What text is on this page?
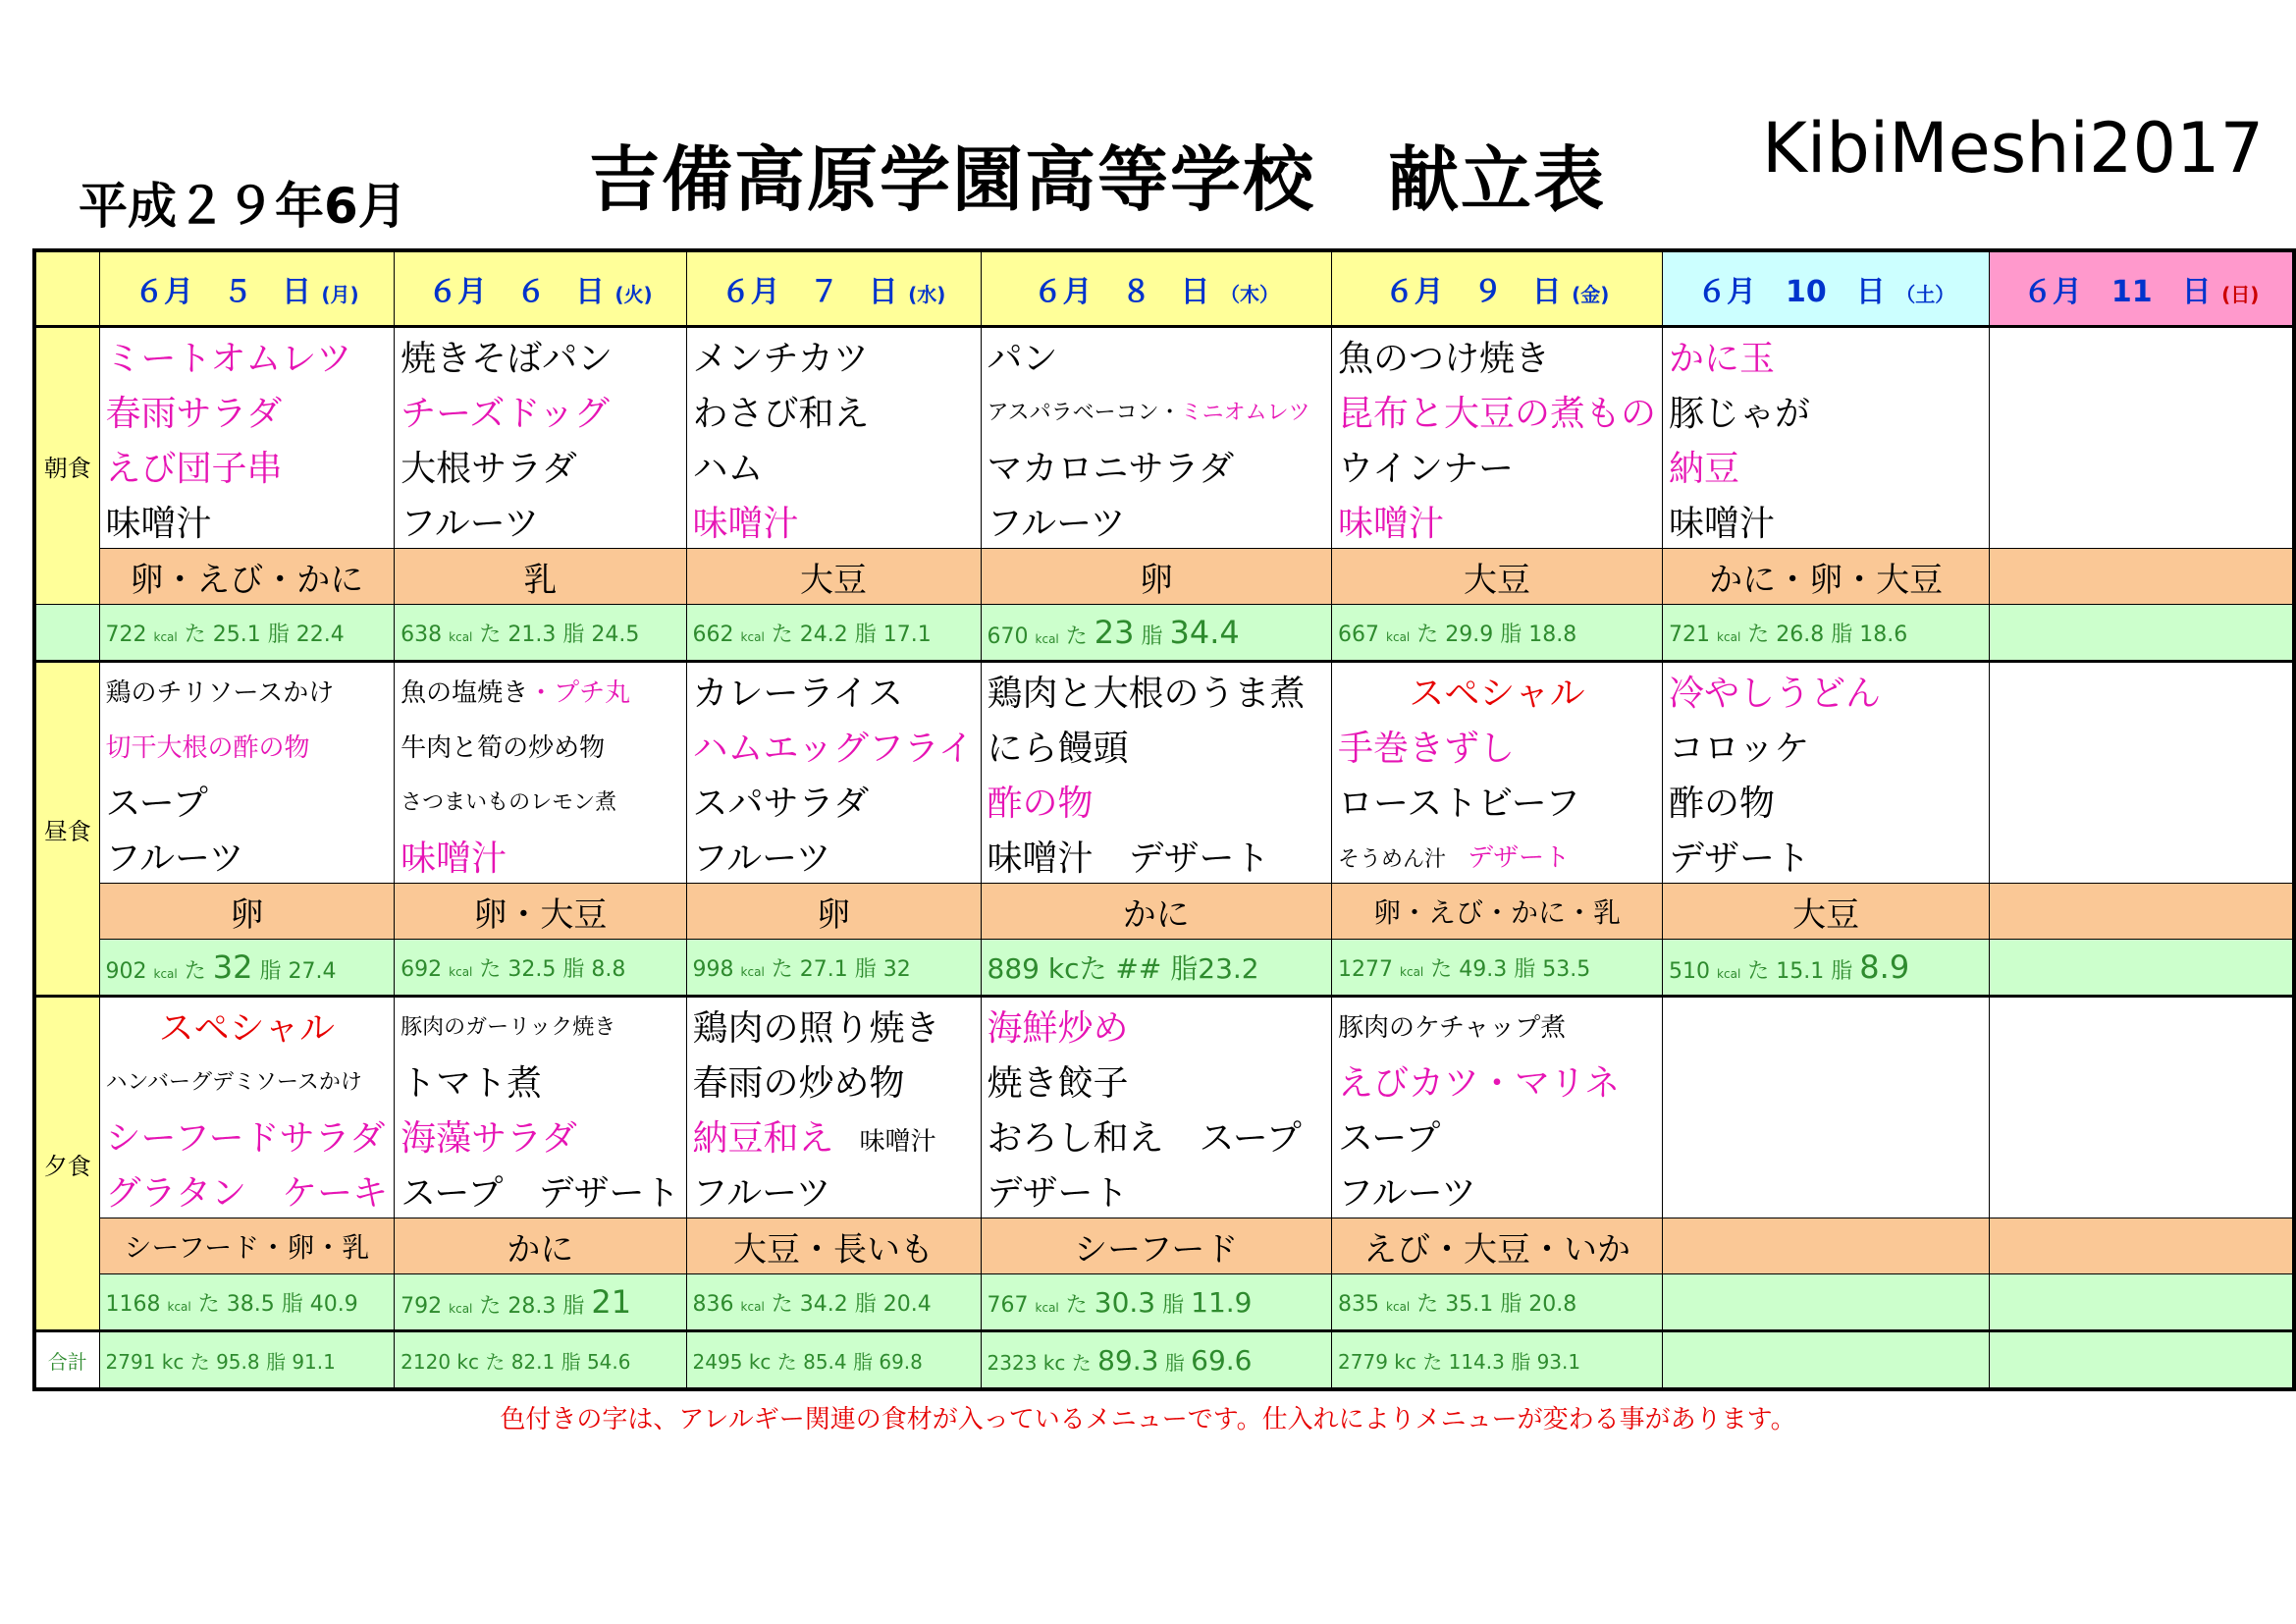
平成２９年6月	吉備高原学園高等学校　献立表 KibiMeshi2017
	６月　５　日 (月)	６月　６　日 (火)	６月　７　日 (水)	６月　８　日 （木）	６月　９　日 (金)	６月　10　日 （土）	６月　11　日 (日)
朝食	ミートオムレツ	焼きそばパン	メンチカツ	パン	魚のつけ焼き	かに玉	
	春雨サラダ	チーズドッグ	わさび和え	アスパラベーコン・ミニオムレツ	昆布と大豆の煮もの	豚じゃが	
	えび団子串	大根サラダ	ハム	マカロニサラダ	ウインナー	納豆	
	味噌汁	フルーツ	味噌汁	フルーツ	味噌汁	味噌汁	
	卵・えび・かに	乳	大豆	卵	大豆	かに・卵・大豆	
	722 kcal た 25.1 脂 22.4	638 kcal た 21.3 脂 24.5	662 kcal た 24.2 脂 17.1	670 kcal た 23 脂 34.4	667 kcal た 29.9 脂 18.8	721 kcal た 26.8 脂 18.6	
昼食	鶏のチリソースかけ	魚の塩焼き・プチ丸	カレーライス	鶏肉と大根のうま煮	スペシャル	冷やしうどん	
	切干大根の酢の物	牛肉と筍の炒め物	ハムエッグフライ	にら饅頭	手巻きずし	コロッケ	
	スープ	さつまいものレモン煮	スパサラダ	酢の物	ローストビーフ	酢の物	
	フルーツ	味噌汁	フルーツ	味噌汁　デザート	そうめん汁　 デザート	デザート	
	卵	卵・大豆	卵	かに	卵・えび・かに・乳	大豆	
	902 kcal た 32 脂 27.4	692 kcal た 32.5 脂 8.8	998 kcal た 27.1 脂 32	889 kcた ## 脂23.2	1277 kcal た 49.3 脂 53.5	510 kcal た 15.1 脂 8.9	
夕食	スペシャル	豚肉のガーリック焼き	鶏肉の照り焼き	海鮮炒め	豚肉のケチャップ煮		
	ハンバーグデミソースかけ	トマト煮	春雨の炒め物	焼き餃子	えびカツ・マリネ		
	シーフードサラダ	海藻サラダ	納豆和え　 味噌汁	おろし和え　スープ	スープ		
	グラタン　ケーキ	スープ　デザート	フルーツ	デザート	フルーツ		
	シーフード・卵・乳	かに	大豆・長いも	シーフード	えび・大豆・いか		
	1168 kcal た 38.5 脂 40.9	792 kcal た 28.3 脂 21	836 kcal た 34.2 脂 20.4	767 kcal た 30.3 脂 11.9	835 kcal た 35.1 脂 20.8		
合計	2791 kc た 95.8 脂 91.1	2120 kc た 82.1 脂 54.6	2495 kc た 85.4 脂 69.8	2323 kc た 89.3 脂 69.6	2779 kc た 114.3 脂 93.1		
色付きの字は、アレルギー関連の食材が入っているメニューです。仕入れによりメニューが変わる事があります。
